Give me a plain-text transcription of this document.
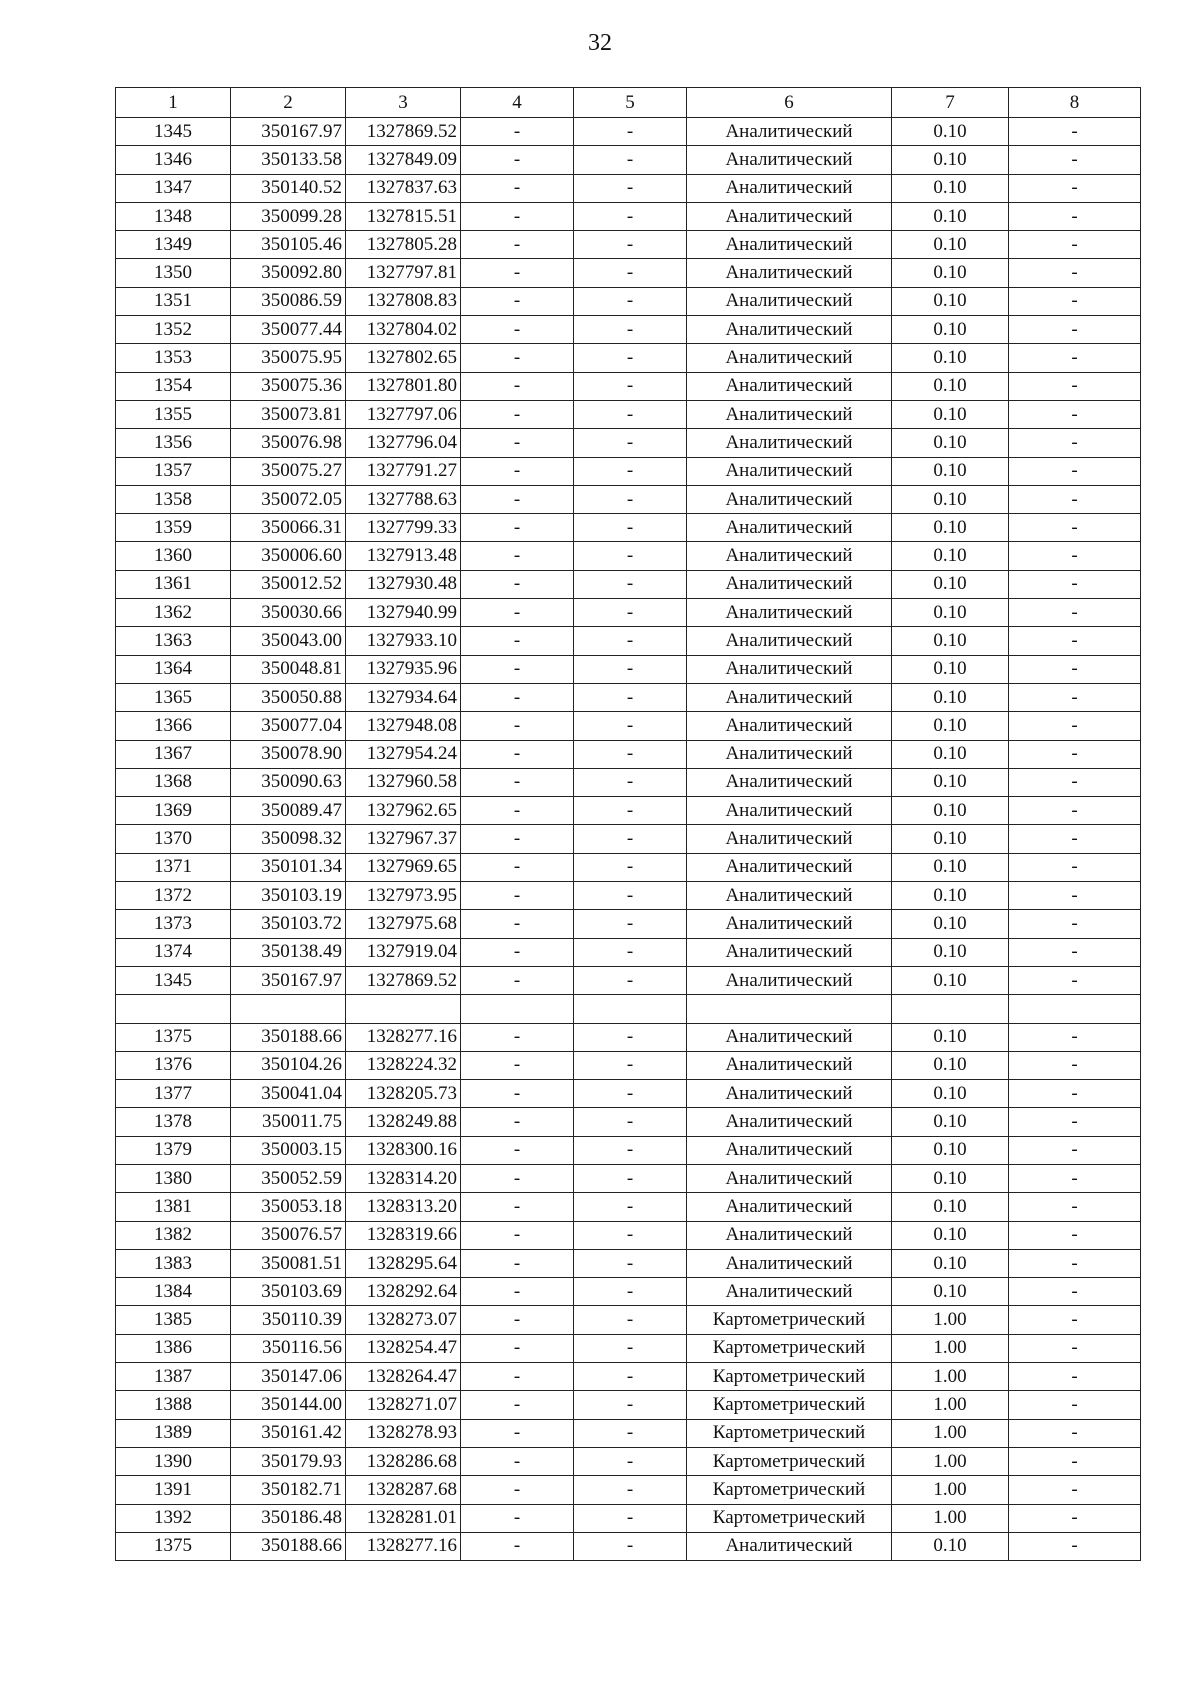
32
1	2	3	4	5	6	7	8
1345	350167.97	1327869.52	-	-	Аналитический	0.10	-
1346	350133.58	1327849.09	-	-	Аналитический	0.10	-
1347	350140.52	1327837.63	-	-	Аналитический	0.10	-
1348	350099.28	1327815.51	-	-	Аналитический	0.10	-
1349	350105.46	1327805.28	-	-	Аналитический	0.10	-
1350	350092.80	1327797.81	-	-	Аналитический	0.10	-
1351	350086.59	1327808.83	-	-	Аналитический	0.10	-
1352	350077.44	1327804.02	-	-	Аналитический	0.10	-
1353	350075.95	1327802.65	-	-	Аналитический	0.10	-
1354	350075.36	1327801.80	-	-	Аналитический	0.10	-
1355	350073.81	1327797.06	-	-	Аналитический	0.10	-
1356	350076.98	1327796.04	-	-	Аналитический	0.10	-
1357	350075.27	1327791.27	-	-	Аналитический	0.10	-
1358	350072.05	1327788.63	-	-	Аналитический	0.10	-
1359	350066.31	1327799.33	-	-	Аналитический	0.10	-
1360	350006.60	1327913.48	-	-	Аналитический	0.10	-
1361	350012.52	1327930.48	-	-	Аналитический	0.10	-
1362	350030.66	1327940.99	-	-	Аналитический	0.10	-
1363	350043.00	1327933.10	-	-	Аналитический	0.10	-
1364	350048.81	1327935.96	-	-	Аналитический	0.10	-
1365	350050.88	1327934.64	-	-	Аналитический	0.10	-
1366	350077.04	1327948.08	-	-	Аналитический	0.10	-
1367	350078.90	1327954.24	-	-	Аналитический	0.10	-
1368	350090.63	1327960.58	-	-	Аналитический	0.10	-
1369	350089.47	1327962.65	-	-	Аналитический	0.10	-
1370	350098.32	1327967.37	-	-	Аналитический	0.10	-
1371	350101.34	1327969.65	-	-	Аналитический	0.10	-
1372	350103.19	1327973.95	-	-	Аналитический	0.10	-
1373	350103.72	1327975.68	-	-	Аналитический	0.10	-
1374	350138.49	1327919.04	-	-	Аналитический	0.10	-
1345	350167.97	1327869.52	-	-	Аналитический	0.10	-

1375	350188.66	1328277.16	-	-	Аналитический	0.10	-
1376	350104.26	1328224.32	-	-	Аналитический	0.10	-
1377	350041.04	1328205.73	-	-	Аналитический	0.10	-
1378	350011.75	1328249.88	-	-	Аналитический	0.10	-
1379	350003.15	1328300.16	-	-	Аналитический	0.10	-
1380	350052.59	1328314.20	-	-	Аналитический	0.10	-
1381	350053.18	1328313.20	-	-	Аналитический	0.10	-
1382	350076.57	1328319.66	-	-	Аналитический	0.10	-
1383	350081.51	1328295.64	-	-	Аналитический	0.10	-
1384	350103.69	1328292.64	-	-	Аналитический	0.10	-
1385	350110.39	1328273.07	-	-	Картометрический	1.00	-
1386	350116.56	1328254.47	-	-	Картометрический	1.00	-
1387	350147.06	1328264.47	-	-	Картометрический	1.00	-
1388	350144.00	1328271.07	-	-	Картометрический	1.00	-
1389	350161.42	1328278.93	-	-	Картометрический	1.00	-
1390	350179.93	1328286.68	-	-	Картометрический	1.00	-
1391	350182.71	1328287.68	-	-	Картометрический	1.00	-
1392	350186.48	1328281.01	-	-	Картометрический	1.00	-
1375	350188.66	1328277.16	-	-	Аналитический	0.10	-
